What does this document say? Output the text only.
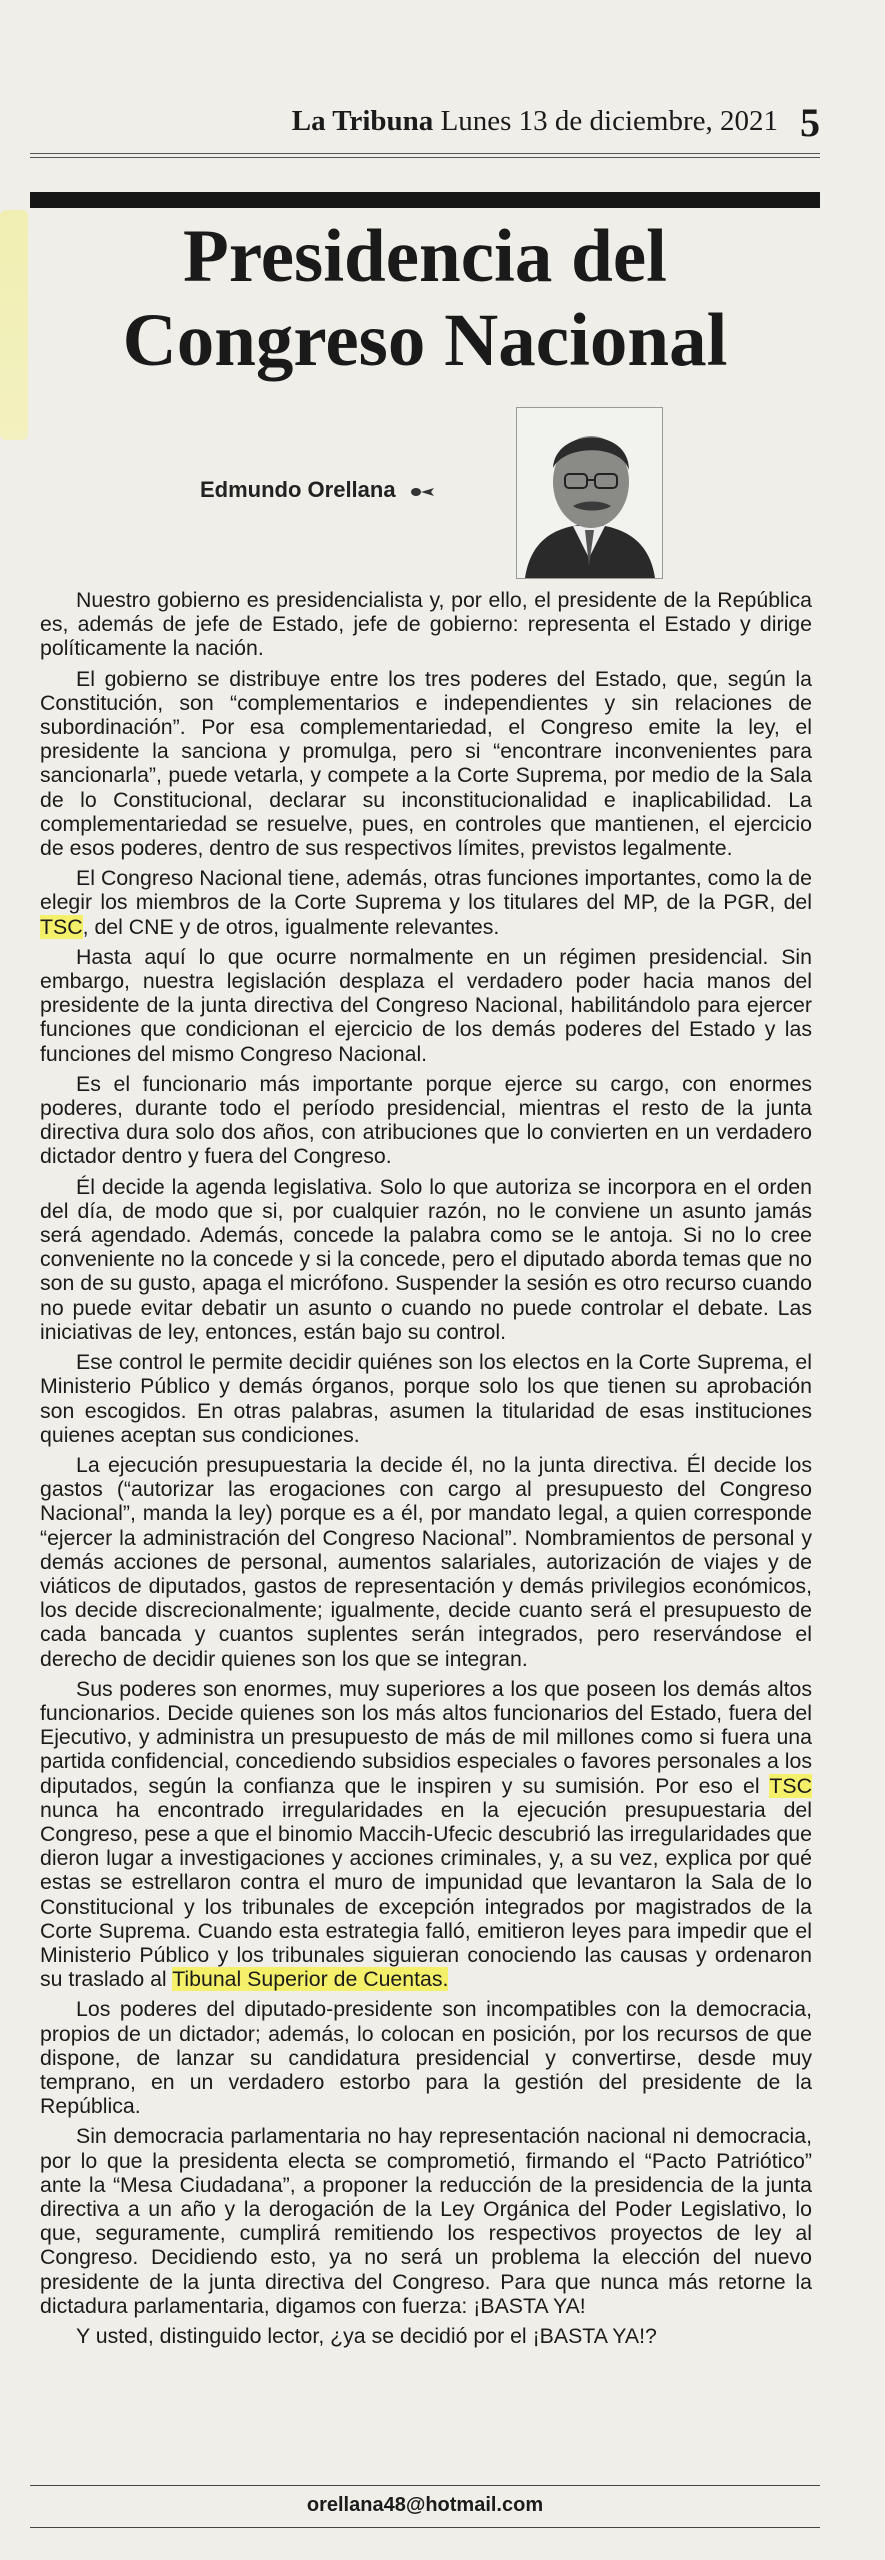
La Tribuna Lunes 13 de diciembre, 2021 5
Presidencia del
Congreso Nacional
Edmundo Orellana

Nuestro gobierno es presidencialista y, por ello, el presidente de la República es, además de jefe de Estado, jefe de gobierno: representa el Estado y dirige políticamente la nación.

El gobierno se distribuye entre los tres poderes del Estado, que, según la Constitución, son “complementarios e independientes y sin relaciones de subordinación”. Por esa complementariedad, el Congreso emite la ley, el presidente la sanciona y promulga, pero si “encontrare inconvenientes para sancionarla”, puede vetarla, y compete a la Corte Suprema, por medio de la Sala de lo Constitucional, declarar su inconstitucionalidad e inaplicabilidad. La complementariedad se resuelve, pues, en controles que mantienen, el ejercicio de esos poderes, dentro de sus respectivos límites, previstos legalmente.

El Congreso Nacional tiene, además, otras funciones importantes, como la de elegir los miembros de la Corte Suprema y los titulares del MP, de la PGR, del TSC, del CNE y de otros, igualmente relevantes.

Hasta aquí lo que ocurre normalmente en un régimen presidencial. Sin embargo, nuestra legislación desplaza el verdadero poder hacia manos del presidente de la junta directiva del Congreso Nacional, habilitándolo para ejercer funciones que condicionan el ejercicio de los demás poderes del Estado y las funciones del mismo Congreso Nacional.

Es el funcionario más importante porque ejerce su cargo, con enormes poderes, durante todo el período presidencial, mientras el resto de la junta directiva dura solo dos años, con atribuciones que lo convierten en un verdadero dictador dentro y fuera del Congreso.

Él decide la agenda legislativa. Solo lo que autoriza se incorpora en el orden del día, de modo que si, por cualquier razón, no le conviene un asunto jamás será agendado. Además, concede la palabra como se le antoja. Si no lo cree conveniente no la concede y si la concede, pero el diputado aborda temas que no son de su gusto, apaga el micrófono. Suspender la sesión es otro recurso cuando no puede evitar debatir un asunto o cuando no puede controlar el debate. Las iniciativas de ley, entonces, están bajo su control.

Ese control le permite decidir quiénes son los electos en la Corte Suprema, el Ministerio Público y demás órganos, porque solo los que tienen su aprobación son escogidos. En otras palabras, asumen la titularidad de esas instituciones quienes aceptan sus condiciones.

La ejecución presupuestaria la decide él, no la junta directiva. Él decide los gastos (“autorizar las erogaciones con cargo al presupuesto del Congreso Nacional”, manda la ley) porque es a él, por mandato legal, a quien corresponde “ejercer la administración del Congreso Nacional”. Nombramientos de personal y demás acciones de personal, aumentos salariales, autorización de viajes y de viáticos de diputados, gastos de representación y demás privilegios económicos, los decide discrecionalmente; igualmente, decide cuanto será el presupuesto de cada bancada y cuantos suplentes serán integrados, pero reservándose el derecho de decidir quienes son los que se integran.

Sus poderes son enormes, muy superiores a los que poseen los demás altos funcionarios. Decide quienes son los más altos funcionarios del Estado, fuera del Ejecutivo, y administra un presupuesto de más de mil millones como si fuera una partida confidencial, concediendo subsidios especiales o favores personales a los diputados, según la confianza que le inspiren y su sumisión. Por eso el TSC nunca ha encontrado irregularidades en la ejecución presupuestaria del Congreso, pese a que el binomio Maccih-Ufecic descubrió las irregularidades que dieron lugar a investigaciones y acciones criminales, y, a su vez, explica por qué estas se estrellaron contra el muro de impunidad que levantaron la Sala de lo Constitucional y los tribunales de excepción integrados por magistrados de la Corte Suprema. Cuando esta estrategia falló, emitieron leyes para impedir que el Ministerio Público y los tribunales siguieran conociendo las causas y ordenaron su traslado al Tibunal Superior de Cuentas.

Los poderes del diputado-presidente son incompatibles con la democracia, propios de un dictador; además, lo colocan en posición, por los recursos de que dispone, de lanzar su candidatura presidencial y convertirse, desde muy temprano, en un verdadero estorbo para la gestión del presidente de la República.

Sin democracia parlamentaria no hay representación nacional ni democracia, por lo que la presidenta electa se comprometió, firmando el “Pacto Patriótico” ante la “Mesa Ciudadana”, a proponer la reducción de la presidencia de la junta directiva a un año y la derogación de la Ley Orgánica del Poder Legislativo, lo que, seguramente, cumplirá remitiendo los respectivos proyectos de ley al Congreso. Decidiendo esto, ya no será un problema la elección del nuevo presidente de la junta directiva del Congreso. Para que nunca más retorne la dictadura parlamentaria, digamos con fuerza: ¡BASTA YA!

Y usted, distinguido lector, ¿ya se decidió por el ¡BASTA YA!?

orellana48@hotmail.com
